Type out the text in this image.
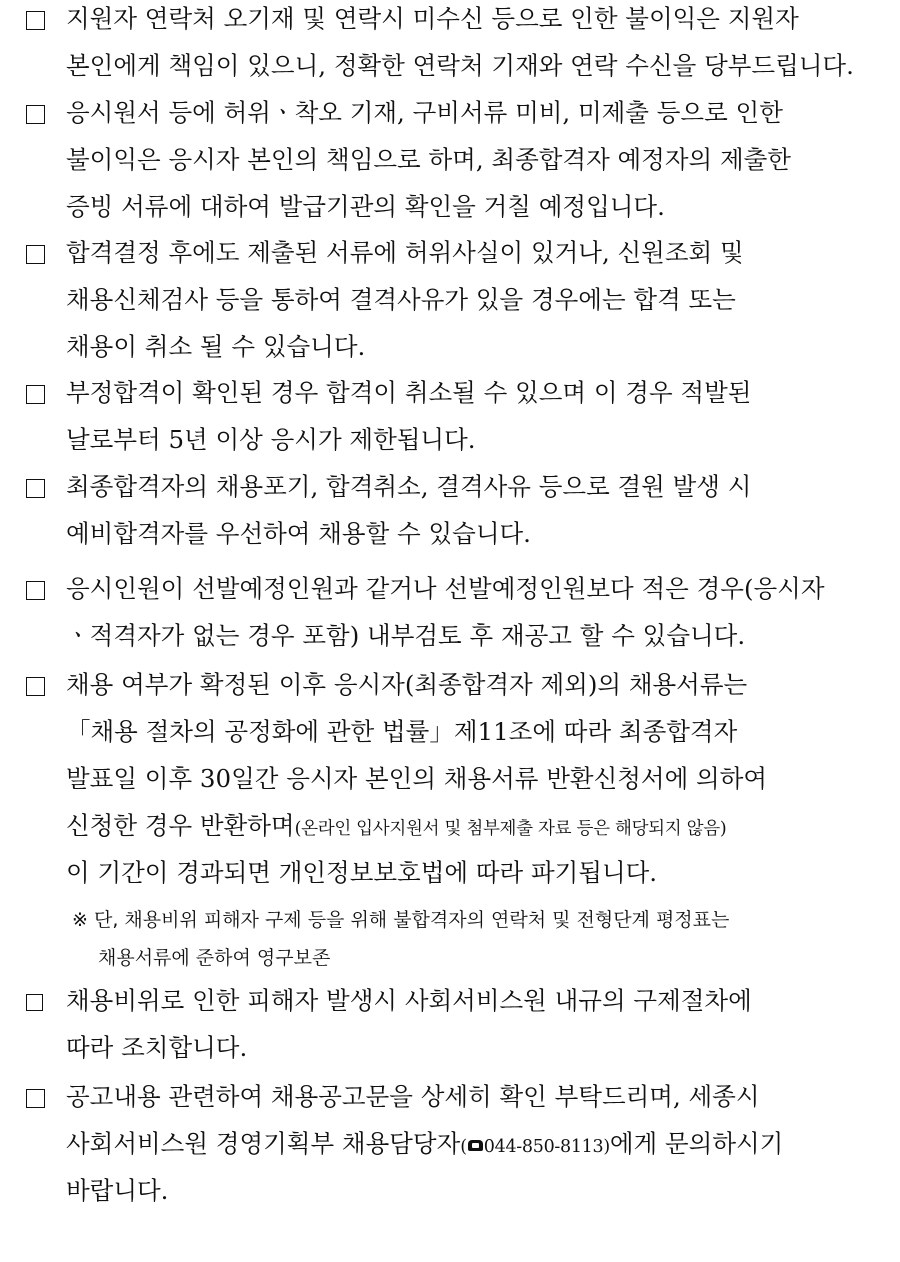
지원자 연락처 오기재 및 연락시 미수신 등으로 인한 불이익은 지원자
본인에게 책임이 있으니, 정확한 연락처 기재와 연락 수신을 당부드립니다.
응시원서 등에 허위ㆍ착오 기재, 구비서류 미비, 미제출 등으로 인한
불이익은 응시자 본인의 책임으로 하며, 최종합격자 예정자의 제출한
증빙 서류에 대하여 발급기관의 확인을 거칠 예정입니다.
합격결정 후에도 제출된 서류에 허위사실이 있거나, 신원조회 및
채용신체검사 등을 통하여 결격사유가 있을 경우에는 합격 또는
채용이 취소 될 수 있습니다.
부정합격이 확인된 경우 합격이 취소될 수 있으며 이 경우 적발된
날로부터 5년 이상 응시가 제한됩니다.
최종합격자의 채용포기, 합격취소, 결격사유 등으로 결원 발생 시
예비합격자를 우선하여 채용할 수 있습니다.
응시인원이 선발예정인원과 같거나 선발예정인원보다 적은 경우(응시자
ㆍ적격자가 없는 경우 포함) 내부검토 후 재공고 할 수 있습니다.
채용 여부가 확정된 이후 응시자(최종합격자 제외)의 채용서류는
「채용 절차의 공정화에 관한 법률」제11조에 따라 최종합격자
발표일 이후 30일간 응시자 본인의 채용서류 반환신청서에 의하여
신청한 경우 반환하며(온라인 입사지원서 및 첨부제출 자료 등은 해당되지 않음)
이 기간이 경과되면 개인정보보호법에 따라 파기됩니다.
※ 단, 채용비위 피해자 구제 등을 위해 불합격자의 연락처 및 전형단계 평정표는
채용서류에 준하여 영구보존
채용비위로 인한 피해자 발생시 사회서비스원 내규의 구제절차에
따라 조치합니다.
공고내용 관련하여 채용공고문을 상세히 확인 부탁드리며, 세종시
사회서비스원 경영기획부 채용담당자( 044-850-8113)에게 문의하시기
바랍니다.
